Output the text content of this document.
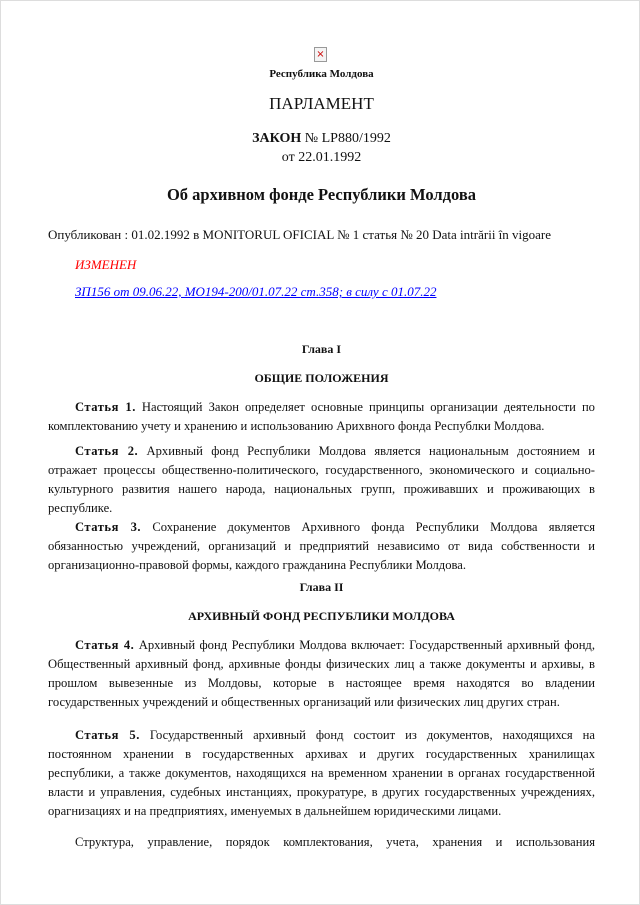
×
Республика Молдова
ПАРЛАМЕНТ
ЗАКОН № LP880/1992
от 22.01.1992
Об архивном фонде Республики Молдова
Опубликован : 01.02.1992 в MONITORUL OFICIAL № 1 статья № 20 Data intrării în vigoare
ИЗМЕНЕН
ЗП156 от 09.06.22, MO194-200/01.07.22 ст.358; в силу с 01.07.22
Глава I
ОБЩИЕ ПОЛОЖЕНИЯ

Статья 1. Настоящий Закон определяет основные принципы организации деятельности по комплектованию учету и хранению и использованию Арихвного фонда Республки Молдова.

Статья 2. Архивный фонд Республики Молдова является национальным достоянием и отражает процессы общественно-политического, государственного, экономического и социально- культурного развития нашего народа, национальных групп, проживавших и проживающих в республике.

Статья 3. Сохранение документов Архивного фонда Республики Молдова является обязанностью учреждений, организаций и предприятий независимо от вида собственности и организационно-правовой формы, каждого гражданина Республики Молдова.

Глава II
АРХИВНЫЙ ФОНД РЕСПУБЛИКИ МОЛДОВА

Статья 4. Архивный фонд Республики Молдова включает: Государственный архивный фонд, Общественный архивный фонд, архивные фонды физических лиц а также документы и архивы, в прошлом вывезенные из Молдовы, которые в настоящее время находятся во владении государственных учреждений и общественных организаций или физических лиц других стран.

Статья 5. Государственный архивный фонд состоит из документов, находящихся на постоянном хранении в государственных архивах и других государственных хранилищах республики, а также документов, находящихся на временном хранении в органах государственной власти и управления, судебных инстанциях, прокуратуре, в других государственных учреждениях, орагнизациях и на предприятиях, именуемых в дальнейшем юридическими лицами.

Структура, управление, порядок комплектования, учета, хранения и использования
